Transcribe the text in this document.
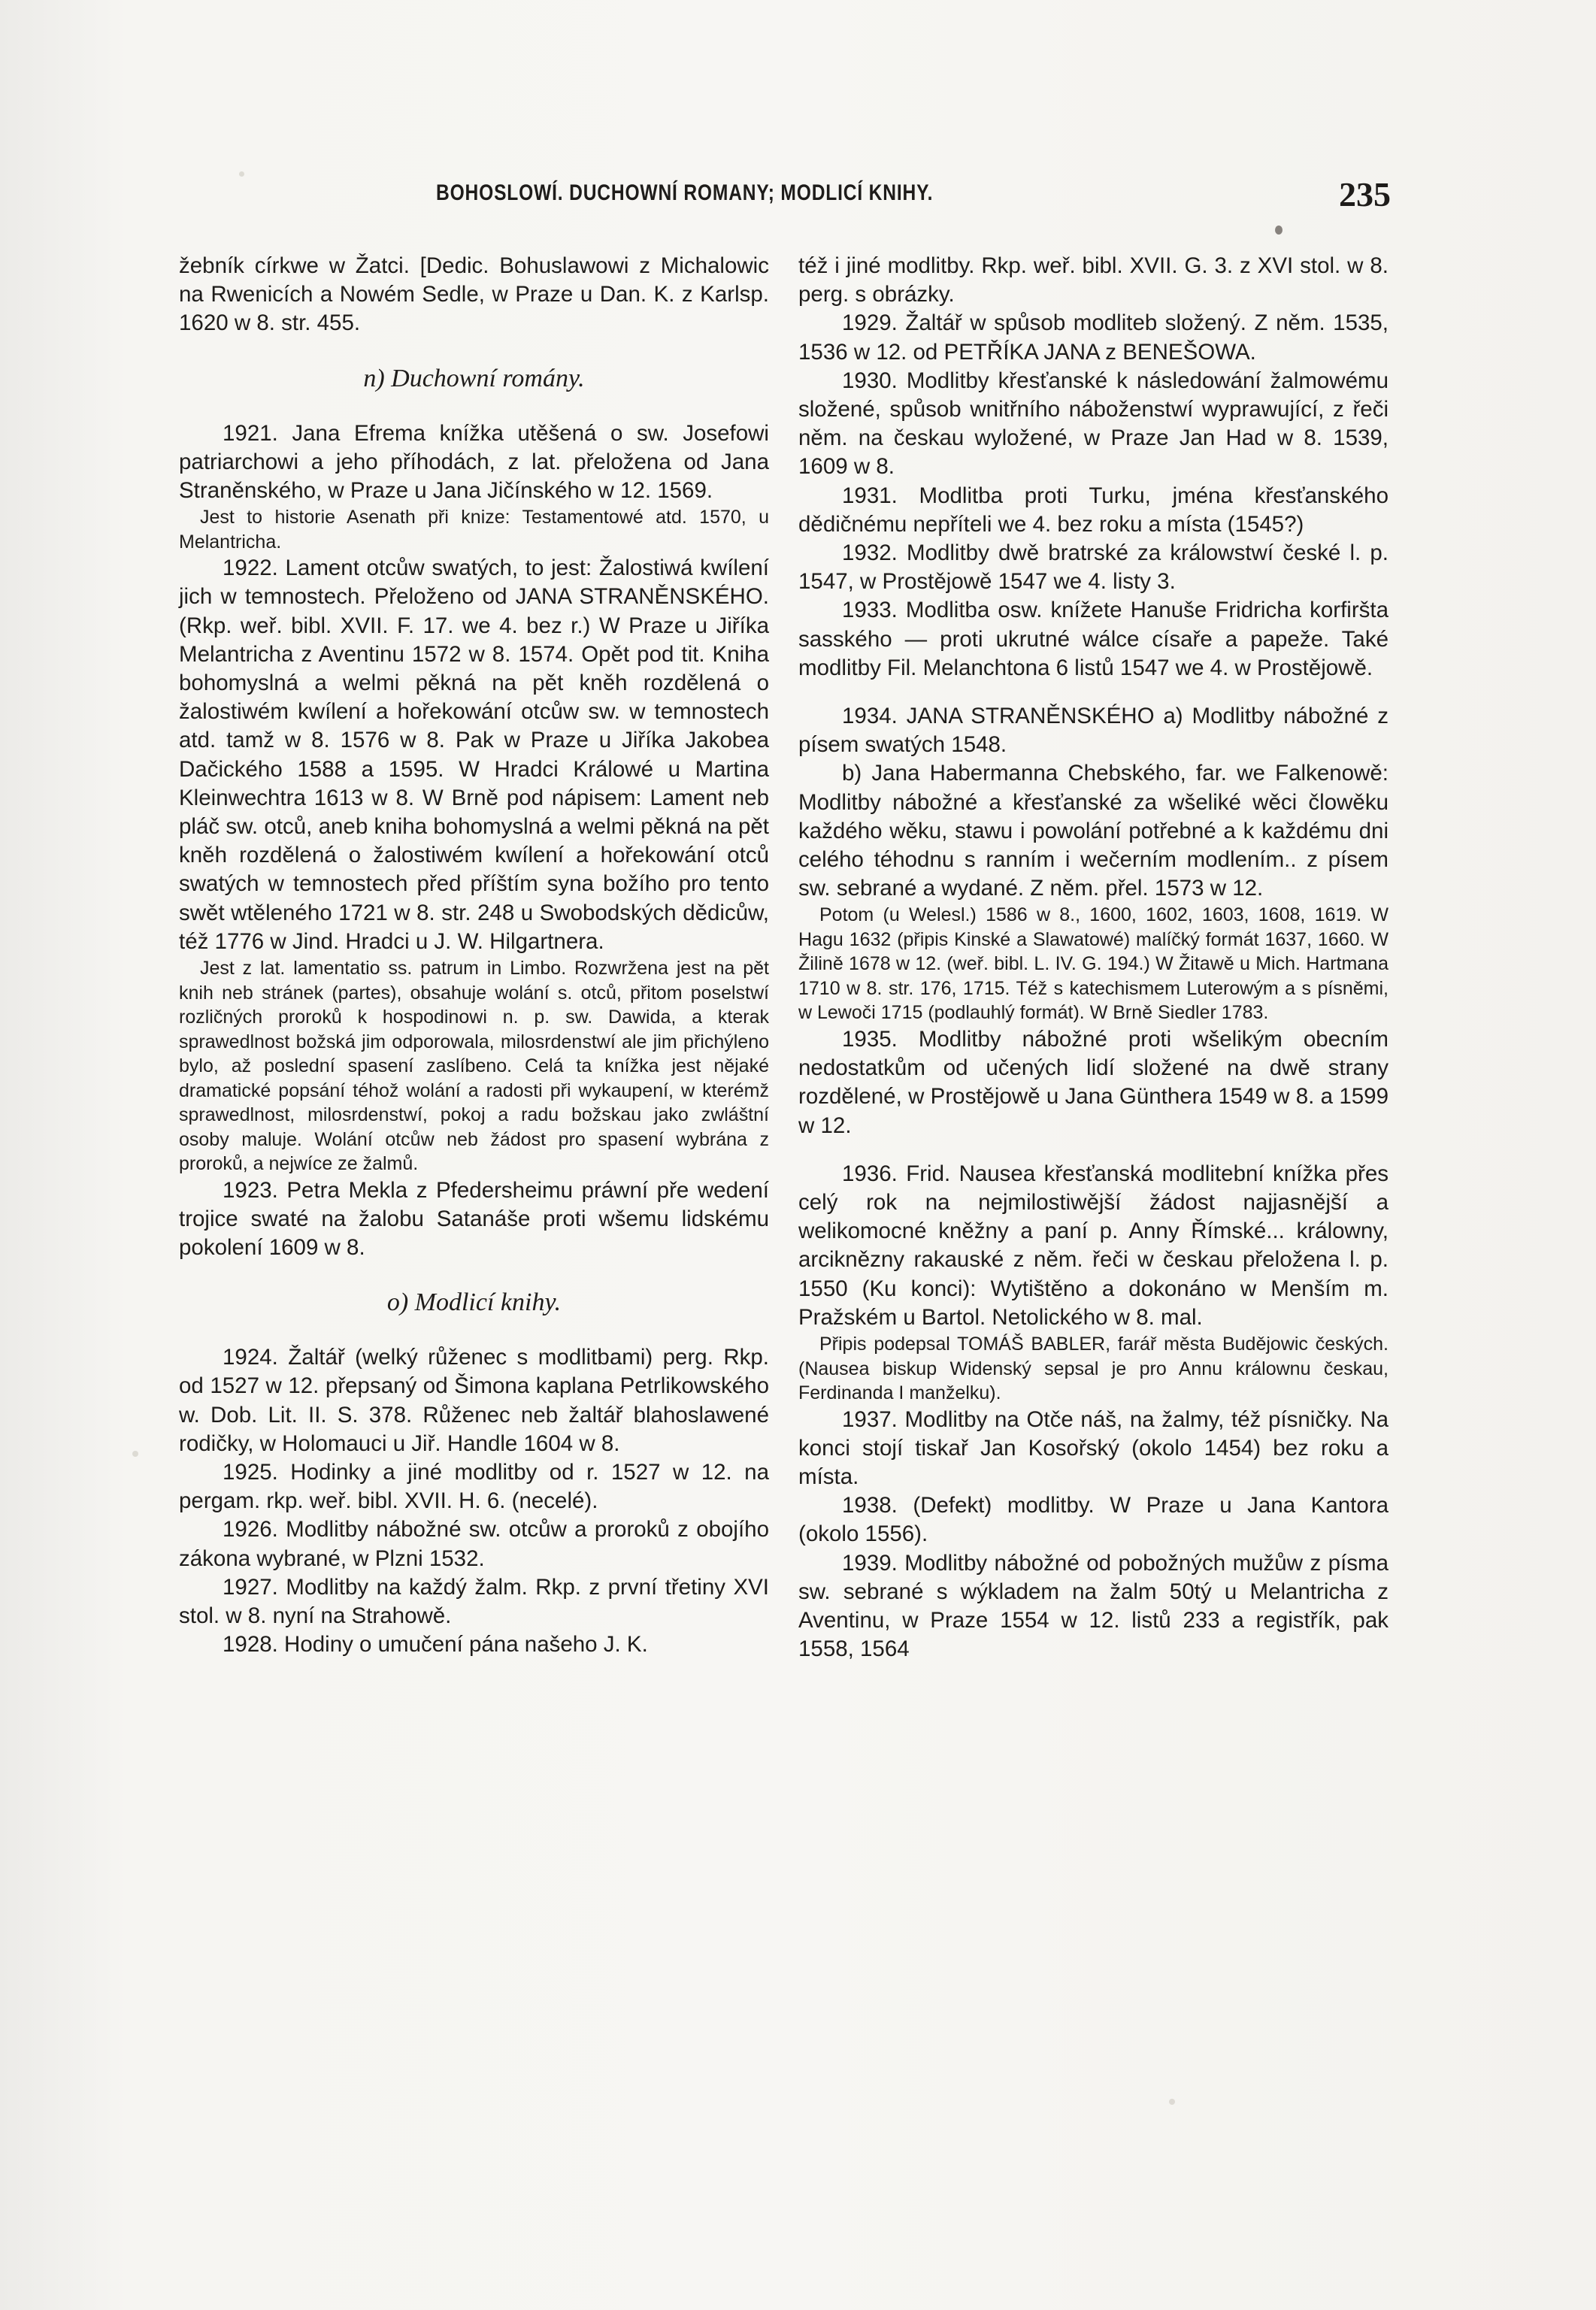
BOHOSLOWÍ. DUCHOWNÍ ROMANY; MODLICÍ KNIHY.	235

žebník církwe w Žatci. [Dedic. Bohuslawowi z Michalowic na Rwenicích a Nowém Sedle, w Praze u Dan. K. z Karlsp. 1620 w 8. str. 455.

n) Duchowní romány.

1921. Jana Efrema knížka utěšená o sw. Josefowi patriarchowi a jeho příhodách, z lat. přeložena od Jana Straněnského, w Praze u Jana Jičínského w 12. 1569.

Jest to historie Asenath při knize: Testamentowé atd. 1570, u Melantricha.

1922. Lament otcůw swatých, to jest: Žalostiwá kwílení jich w temnostech. Přeloženo od JANA STRANĚNSKÉHO. (Rkp. weř. bibl. XVII. F. 17. we 4. bez r.) W Praze u Jiříka Melantricha z Aventinu 1572 w 8. 1574. Opět pod tit. Kniha bohomyslná a welmi pěkná na pět kněh rozdělená o žalostiwém kwílení a hořekowání otcůw sw. w temnostech atd. tamž w 8. 1576 w 8. Pak w Praze u Jiříka Jakobea Dačického 1588 a 1595. W Hradci Králowé u Martina Kleinwechtra 1613 w 8. W Brně pod nápisem: Lament neb pláč sw. otců, aneb kniha bohomyslná a welmi pěkná na pět kněh rozdělená o žalostiwém kwílení a hořekowání otců swatých w temnostech před příštím syna božího pro tento swět wtěleného 1721 w 8. str. 248 u Swobodských dědicůw, též 1776 w Jind. Hradci u J. W. Hilgartnera.

Jest z lat. lamentatio ss. patrum in Limbo. Rozwržena jest na pět knih neb stránek (partes), obsahuje wolání s. otců, přitom poselstwí rozličných proroků k hospodinowi n. p. sw. Dawida, a kterak sprawedlnost božská jim odporowala, milosrdenstwí ale jim přichýleno bylo, až poslední spasení zaslíbeno. Celá ta knížka jest nějaké dramatické popsání téhož wolání a radosti při wykaupení, w kterémž sprawedlnost, milosrdenstwí, pokoj a radu božskau jako zwláštní osoby maluje. Wolání otcůw neb žádost pro spasení wybrána z proroků, a nejwíce ze žalmů.

1923. Petra Mekla z Pfedersheimu práwní pře wedení trojice swaté na žalobu Satanáše proti wšemu lidskému pokolení 1609 w 8.

o) Modlicí knihy.

1924. Žaltář (welký růženec s modlitbami) perg. Rkp. od 1527 w 12. přepsaný od Šimona kaplana Petrlikowského w. Dob. Lit. II. S. 378. Růženec neb žaltář blahoslawené rodičky, w Holomauci u Jiř. Handle 1604 w 8.

1925. Hodinky a jiné modlitby od r. 1527 w 12. na pergam. rkp. weř. bibl. XVII. H. 6. (necelé).

1926. Modlitby nábožné sw. otcůw a proroků z obojího zákona wybrané, w Plzni 1532.

1927. Modlitby na každý žalm. Rkp. z první třetiny XVI stol. w 8. nyní na Strahowě.

1928. Hodiny o umučení pána našeho J. K.

též i jiné modlitby. Rkp. weř. bibl. XVII. G. 3. z XVI stol. w 8. perg. s obrázky.

1929. Žaltář w spůsob modliteb složený. Z něm. 1535, 1536 w 12. od PETŘÍKA JANA z BENEŠOWA.

1930. Modlitby křesťanské k následowání žalmowému složené, spůsob wnitřního náboženstwí wyprawující, z řeči něm. na českau wyložené, w Praze Jan Had w 8. 1539, 1609 w 8.

1931. Modlitba proti Turku, jména křesťanského dědičnému nepříteli we 4. bez roku a místa (1545?)

1932. Modlitby dwě bratrské za králowstwí české l. p. 1547, w Prostějowě 1547 we 4. listy 3.

1933. Modlitba osw. knížete Hanuše Fridricha korfiršta sasského — proti ukrutné wálce císaře a papeže. Také modlitby Fil. Melanchtona 6 listů 1547 we 4. w Prostějowě.

1934. JANA STRANĚNSKÉHO a) Modlitby nábožné z písem swatých 1548.

b) Jana Habermanna Chebského, far. we Falkenowě: Modlitby nábožné a křesťanské za wšeliké wěci člowěku každého wěku, stawu i powolání potřebné a k každému dni celého téhodnu s ranním i wečerním modlením.. z písem sw. sebrané a wydané. Z něm. přel. 1573 w 12.

Potom (u Welesl.) 1586 w 8., 1600, 1602, 1603, 1608, 1619. W Hagu 1632 (připis Kinské a Slawatowé) malíčký formát 1637, 1660. W Žilině 1678 w 12. (weř. bibl. L. IV. G. 194.) W Žitawě u Mich. Hartmana 1710 w 8. str. 176, 1715. Též s katechismem Luterowým a s písněmi, w Lewoči 1715 (podlauhlý formát). W Brně Siedler 1783.

1935. Modlitby nábožné proti wšelikým obecním nedostatkům od učených lidí složené na dwě strany rozdělené, w Prostějowě u Jana Günthera 1549 w 8. a 1599 w 12.

1936. Frid. Nausea křesťanská modlitební knížka přes celý rok na nejmilostiwější žádost najjasnější a welikomocné kněžny a paní p. Anny Římské... králowny, arciknězny rakauské z něm. řeči w českau přeložena l. p. 1550 (Ku konci): Wytištěno a dokonáno w Menším m. Pražském u Bartol. Netolického w 8. mal.

Připis podepsal TOMÁŠ BABLER, farář města Budějowic českých. (Nausea biskup Widenský sepsal je pro Annu králownu českau, Ferdinanda I manželku).

1937. Modlitby na Otče náš, na žalmy, též písničky. Na konci stojí tiskař Jan Kosořský (okolo 1454) bez roku a místa.

1938. (Defekt) modlitby. W Praze u Jana Kantora (okolo 1556).

1939. Modlitby nábožné od pobožných mužůw z písma sw. sebrané s wýkladem na žalm 50tý u Melantricha z Aventinu, w Praze 1554 w 12. listů 233 a registřík, pak 1558, 1564
